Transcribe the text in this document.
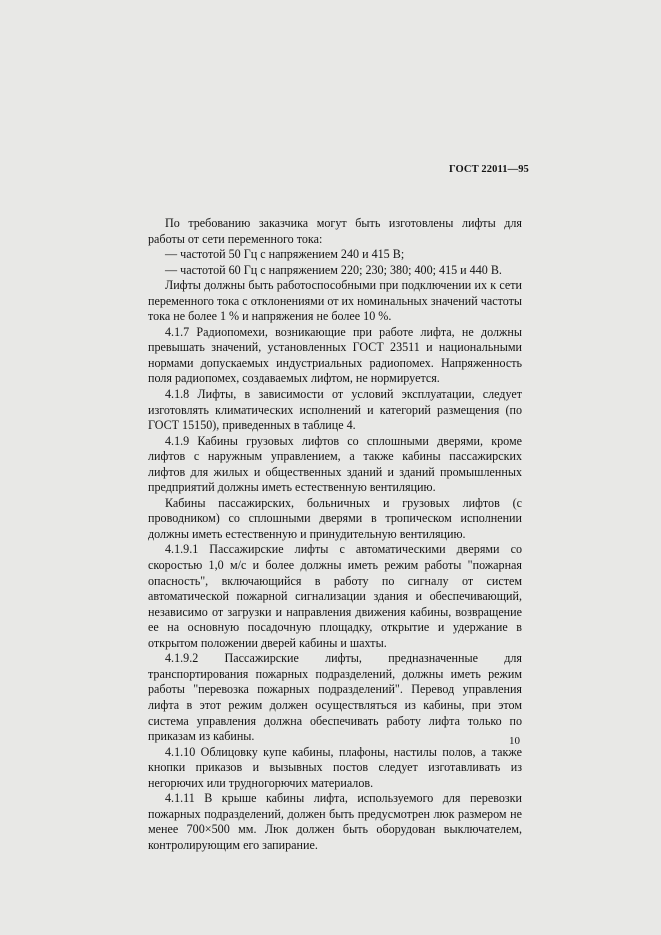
ГОСТ 22011—95

По требованию заказчика могут быть изготовлены лифты для работы от сети переменного тока:

— частотой 50 Гц с напряжением 240 и 415 В;

— частотой 60 Гц с напряжением 220; 230; 380; 400; 415 и 440 В.

Лифты должны быть работоспособными при подключении их к сети переменного тока с отклонениями от их номинальных значений частоты тока не более 1 % и напряжения не более 10 %.

4.1.7 Радиопомехи, возникающие при работе лифта, не должны превышать значений, установленных ГОСТ 23511 и национальными нормами допускаемых индустриальных радиопомех. Напряженность поля радиопомех, создаваемых лифтом, не нормируется.

4.1.8 Лифты, в зависимости от условий эксплуатации, следует изготовлять климатических исполнений и категорий размещения (по ГОСТ 15150), приведенных в таблице 4.

4.1.9 Кабины грузовых лифтов со сплошными дверями, кроме лифтов с наружным управлением, а также кабины пассажирских лифтов для жилых и общественных зданий и зданий промышленных предприятий должны иметь естественную вентиляцию.

Кабины пассажирских, больничных и грузовых лифтов (с проводником) со сплошными дверями в тропическом исполнении должны иметь естественную и принудительную вентиляцию.

4.1.9.1 Пассажирские лифты с автоматическими дверями со скоростью 1,0 м/с и более должны иметь режим работы "пожарная опасность", включающийся в работу по сигналу от систем автоматической пожарной сигнализации здания и обеспечивающий, независимо от загрузки и направления движения кабины, возвращение ее на основную посадочную площадку, открытие и удержание в открытом положении дверей кабины и шахты.

4.1.9.2 Пассажирские лифты, предназначенные для транспортирования пожарных подразделений, должны иметь режим работы "перевозка пожарных подразделений". Перевод управления лифта в этот режим должен осуществляться из кабины, при этом система управления должна обеспечивать работу лифта только по приказам из кабины.

4.1.10 Облицовку купе кабины, плафоны, настилы полов, а также кнопки приказов и вызывных постов следует изготавливать из негорючих или трудногорючих материалов.

4.1.11 В крыше кабины лифта, используемого для перевозки пожарных подразделений, должен быть предусмотрен люк размером не менее 700×500 мм. Люк должен быть оборудован выключателем, контролирующим его запирание.

10
